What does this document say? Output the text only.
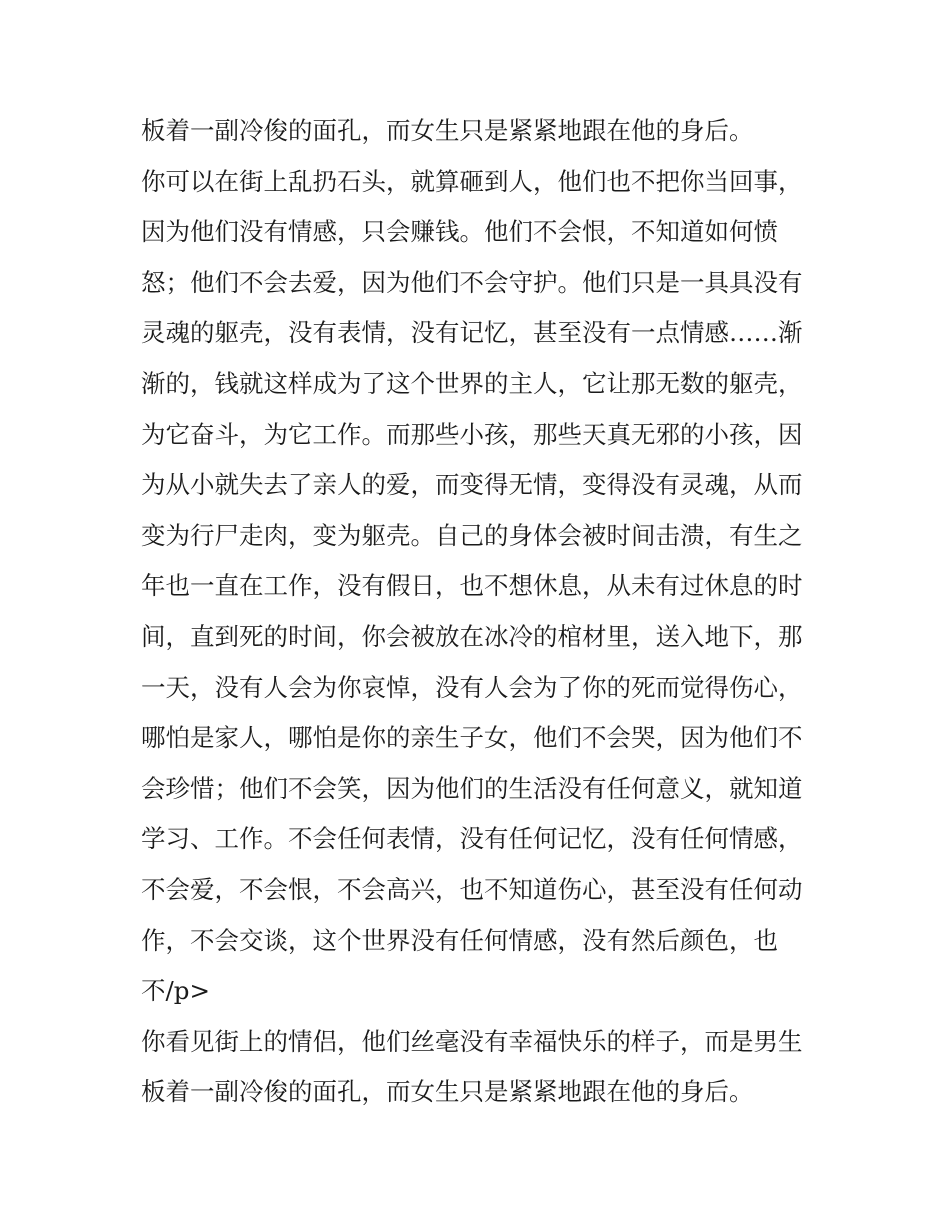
板着一副冷俊的面孔，而女生只是紧紧地跟在他的身后。
你可以在街上乱扔石头，就算砸到人，他们也不把你当回事，
因为他们没有情感，只会赚钱。他们不会恨，不知道如何愤
怒；他们不会去爱，因为他们不会守护。他们只是一具具没有
灵魂的躯壳，没有表情，没有记忆，甚至没有一点情感……渐
渐的，钱就这样成为了这个世界的主人，它让那无数的躯壳，
为它奋斗，为它工作。而那些小孩，那些天真无邪的小孩，因
为从小就失去了亲人的爱，而变得无情，变得没有灵魂，从而
变为行尸走肉，变为躯壳。自己的身体会被时间击溃，有生之
年也一直在工作，没有假日，也不想休息，从未有过休息的时
间，直到死的时间，你会被放在冰冷的棺材里，送入地下，那
一天，没有人会为你哀悼，没有人会为了你的死而觉得伤心，
哪怕是家人，哪怕是你的亲生子女，他们不会哭，因为他们不
会珍惜；他们不会笑，因为他们的生活没有任何意义，就知道
学习、工作。不会任何表情，没有任何记忆，没有任何情感，
不会爱，不会恨，不会高兴，也不知道伤心，甚至没有任何动
作，不会交谈，这个世界没有任何情感，没有然后颜色，也
不/p>
你看见街上的情侣，他们丝毫没有幸福快乐的样子，而是男生
板着一副冷俊的面孔，而女生只是紧紧地跟在他的身后。
